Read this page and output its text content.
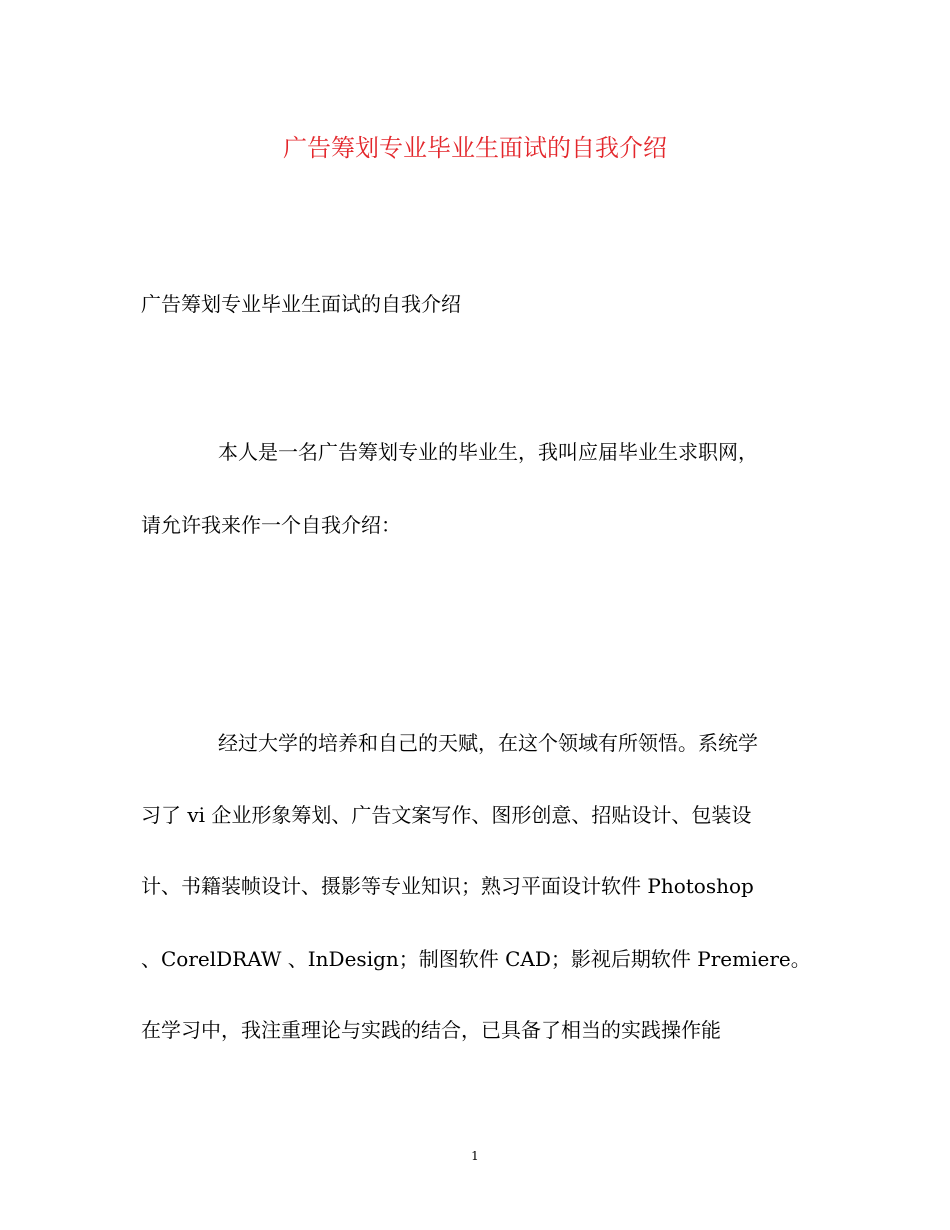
广告筹划专业毕业生面试的自我介绍
广告筹划专业毕业生面试的自我介绍
本人是一名广告筹划专业的毕业生，我叫应届毕业生求职网，
请允许我来作一个自我介绍：
经过大学的培养和自己的天赋，在这个领域有所领悟。系统学
习了 vi 企业形象筹划、广告文案写作、图形创意、招贴设计、包装设
计、书籍装帧设计、摄影等专业知识；熟习平面设计软件 Photoshop
、CorelDRAW 、InDesign；制图软件 CAD；影视后期软件 Premiere。
在学习中，我注重理论与实践的结合，已具备了相当的实践操作能
1
